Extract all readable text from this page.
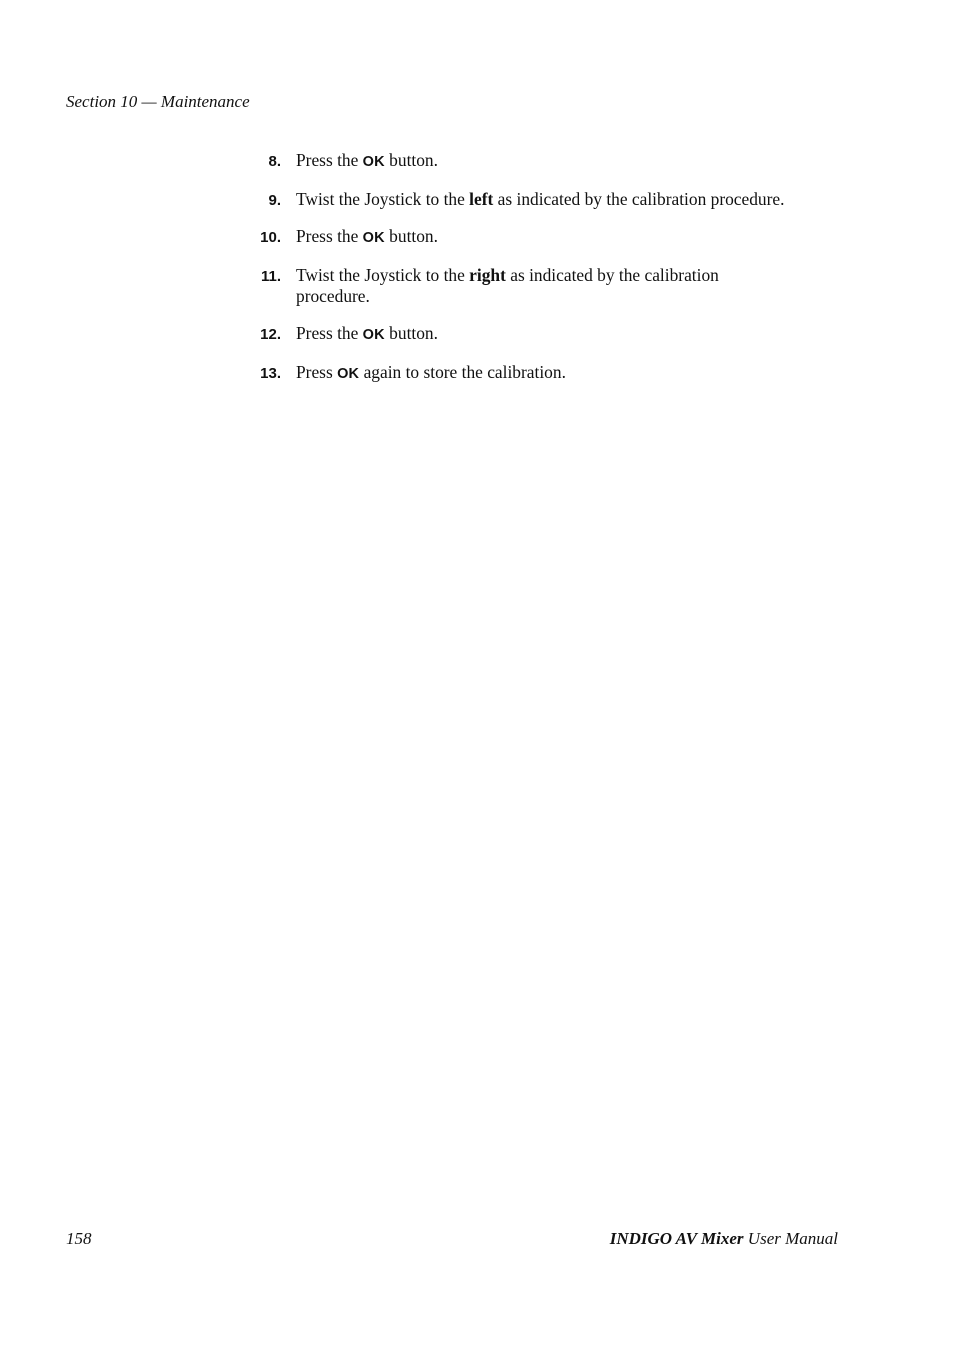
Section 10 — Maintenance
8. Press the OK button.
9. Twist the Joystick to the left as indicated by the calibration procedure.
10. Press the OK button.
11. Twist the Joystick to the right as indicated by the calibration procedure.
12. Press the OK button.
13. Press OK again to store the calibration.
158	INDIGO AV Mixer User Manual
